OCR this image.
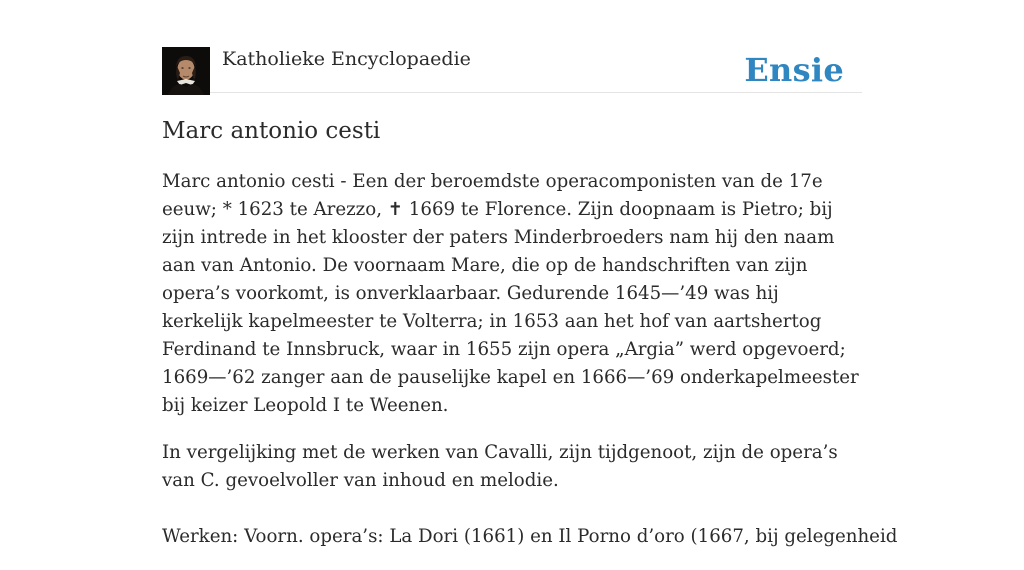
Katholieke Encyclopaedie	Ensie
Marc antonio cesti

Marc antonio cesti - Een der beroemdste operacomponisten van de 17e eeuw; * 1623 te Arezzo, ✝ 1669 te Florence. Zijn doopnaam is Pietro; bij zijn intrede in het klooster der paters Minderbroeders nam hij den naam aan van Antonio. De voornaam Mare, die op de handschriften van zijn opera’s voorkomt, is onverklaarbaar. Gedurende 1645—’49 was hij kerkelijk kapelmeester te Volterra; in 1653 aan het hof van aartshertog Ferdinand te Innsbruck, waar in 1655 zijn opera „Argia” werd opgevoerd; 1669—’62 zanger aan de pauselijke kapel en 1666—’69 onderkapelmeester bij keizer Leopold I te Weenen.

In vergelijking met de werken van Cavalli, zijn tijdgenoot, zijn de opera’s van C. gevoelvoller van inhoud en melodie.

Werken: Voorn. opera’s: La Dori (1661) en Il Porno d’oro (1667, bij gelegenheid
